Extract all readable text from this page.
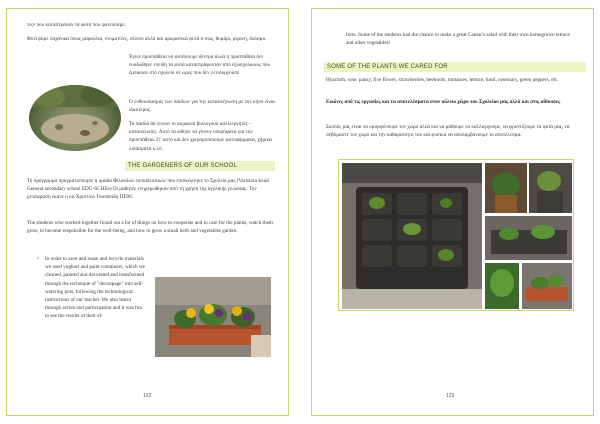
τες• που κατάστρεψαν τα φυτά που φυτεύσαμε.
Φυτέψαμε λαχανικά όπως μαρούλια, ντοματίνες, σέλινο αλλά και αρωματικά φυτά ό-πως, θυμάρι, ρίγανη, δυόσμο.
Έγινε προσπάθεια να φυτέψουμε δέντρα αλλά η προσπάθεια δεν ευοδώθηκε επειδή τα φυτά καταστράφονταν από εξωσχολικούς που έμπαιναν στο σχολείο σε ώρες που δεν λειτουργούσε.
Ο ενθουσιασμός των παιδιών για την κατασκήνωση με τον κήπο είναι ιδιαίτερος.
Τα παιδιά θα γίνουν οι αυριανοί βιολογικοί καλλιεργητές - καταναλωτές. Αυτό τα ώθησε να γίνουν υπερήφανα για την προσπάθεια. Γι' αυτό και δεν χρησιμοποιούμε φυτοφάρμακα, χημικά λιπάσματα κ.λπ.
THE GARDENERS OF OUR SCHOOL
Το πρόγραμμα πραγματοποίησε η ομάδα Φιλανδών εκπαιδευτικών που επισκέφτηκε το Σχολείο μας (Varistaru kouli General secondary school EDU-SCHEe) Οι μαθητές ενημερώθηκαν από τη χρήση της αγγλικής γλώσσας. Την μετάφραση έκανε η κα Χριστίνα Τσοπανίδη ΠΕ06.
The students who worked together found out a lot of things on how to cooperate and to care for the plants, watch them grow, to become responsible for the well-being, and how to grow a small herb and vegetables garden.
• In order to save and reuse and recycle materials we used yoghurt and paint containers, which we cleaned, painted and decorated and transformed through the technique of "decoupage" into self-watering pots, following the technological instructions of our teacher. We also learnt through action and participation and it was fun to see the results of their ef-
122
forts. Some of the students had the chance to make a great Caesar's salad with their own homegrown lettuce and other vegetables!
SOME OF THE PLANTS WE CARED FOR
Hyacinth, rose, pansy, five flower, strawberries, beetroots, tomatoes, lettuce, basil, rosemary, green peppers, etc.
Εικόνες από τις εργασίες και τα αποτελέσματα στον αύλειο χώρο του Σχολείου μας αλλά και στις αίθουσες
Σκοπός μας είναι να ομορφύνουμε τον χώρο αλλά και να μάθουμε να καλλιεργούμε, να φροντίζουμε τα φυτά μας, να σεβόμαστε τον χώρο και την καθαριότητα του και φυσικά να απολαμβάνουμε το αποτέλεσμα.
123
